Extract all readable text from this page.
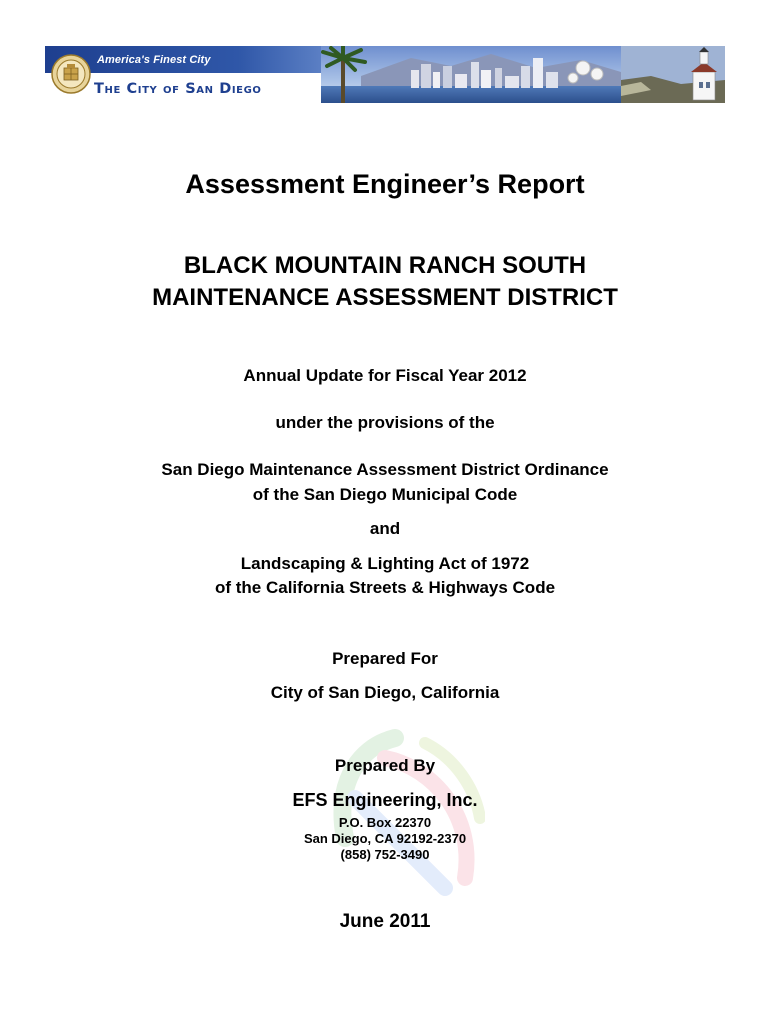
America's Finest City
The City of San Diego
Assessment Engineer’s Report
BLACK MOUNTAIN RANCH SOUTH
MAINTENANCE ASSESSMENT DISTRICT
Annual Update for Fiscal Year 2012
under the provisions of the
San Diego Maintenance Assessment District Ordinance
of the San Diego Municipal Code
and
Landscaping & Lighting Act of 1972
of the California Streets & Highways Code
Prepared For
City of San Diego, California
Prepared By
EFS Engineering, Inc.
P.O. Box 22370
San Diego, CA 92192-2370
(858) 752-3490
June 2011
